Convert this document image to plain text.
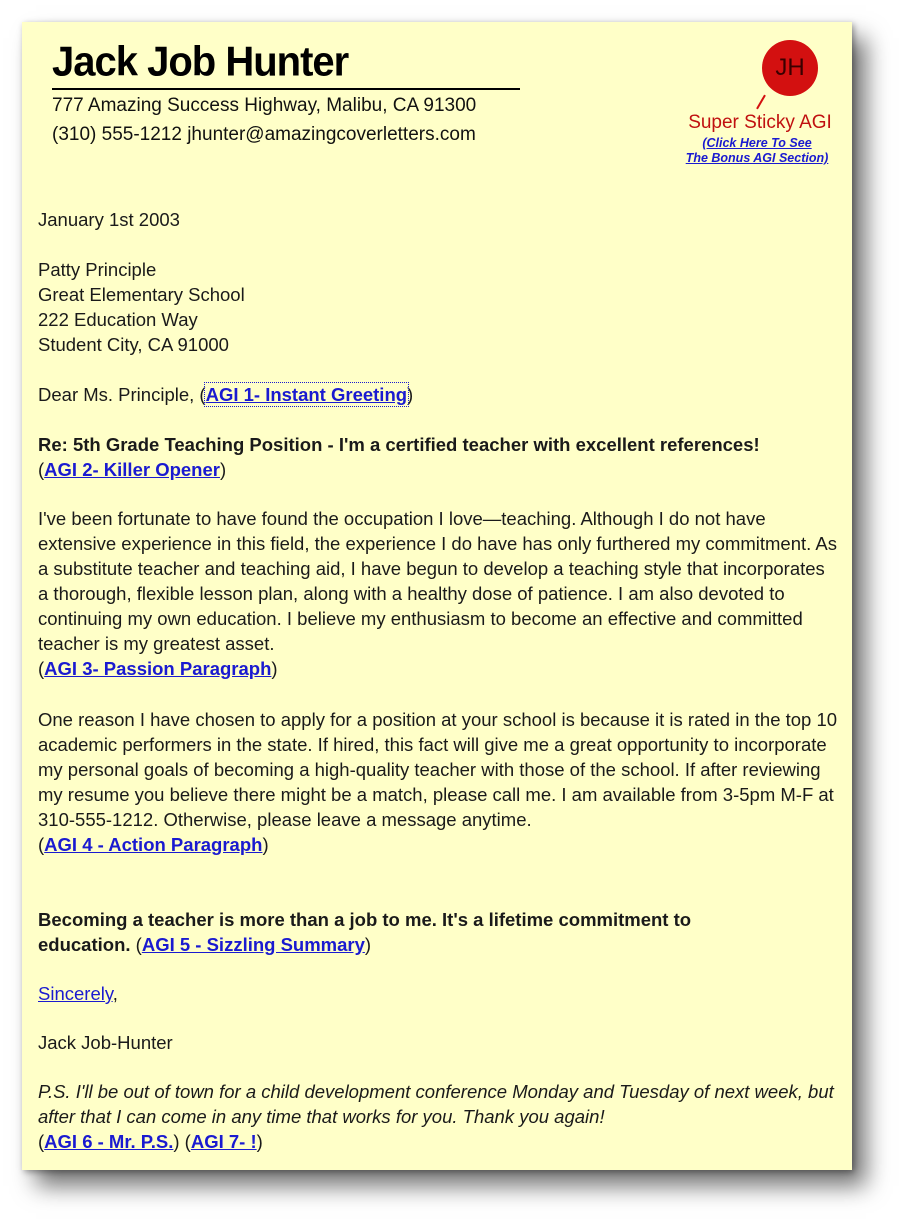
Jack Job Hunter
777 Amazing Success Highway, Malibu, CA 91300
(310) 555-1212 jhunter@amazingcoverletters.com
JH
Super Sticky AGI
(Click Here To See
The Bonus AGI Section)
January 1st 2003
Patty Principle
Great Elementary School
222 Education Way
Student City, CA 91000
Dear Ms. Principle, (AGI 1- Instant Greeting)
Re: 5th Grade Teaching Position - I'm a certified teacher with excellent references!
(AGI 2- Killer Opener)
I've been fortunate to have found the occupation I love—teaching. Although I do not have extensive experience in this field, the experience I do have has only furthered my commitment. As a substitute teacher and teaching aid, I have begun to develop a teaching style that incorporates a thorough, flexible lesson plan, along with a healthy dose of patience. I am also devoted to continuing my own education. I believe my enthusiasm to become an effective and committed teacher is my greatest asset.
(AGI 3- Passion Paragraph)
One reason I have chosen to apply for a position at your school is because it is rated in the top 10 academic performers in the state. If hired, this fact will give me a great opportunity to incorporate my personal goals of becoming a high-quality teacher with those of the school. If after reviewing my resume you believe there might be a match, please call me. I am available from 3-5pm M-F at 310-555-1212. Otherwise, please leave a message anytime.
(AGI 4 - Action Paragraph)
Becoming a teacher is more than a job to me. It's a lifetime commitment to education. (AGI 5 - Sizzling Summary)
Sincerely,
Jack Job-Hunter
P.S. I'll be out of town for a child development conference Monday and Tuesday of next week, but after that I can come in any time that works for you. Thank you again!
(AGI 6 - Mr. P.S.) (AGI 7- !)
